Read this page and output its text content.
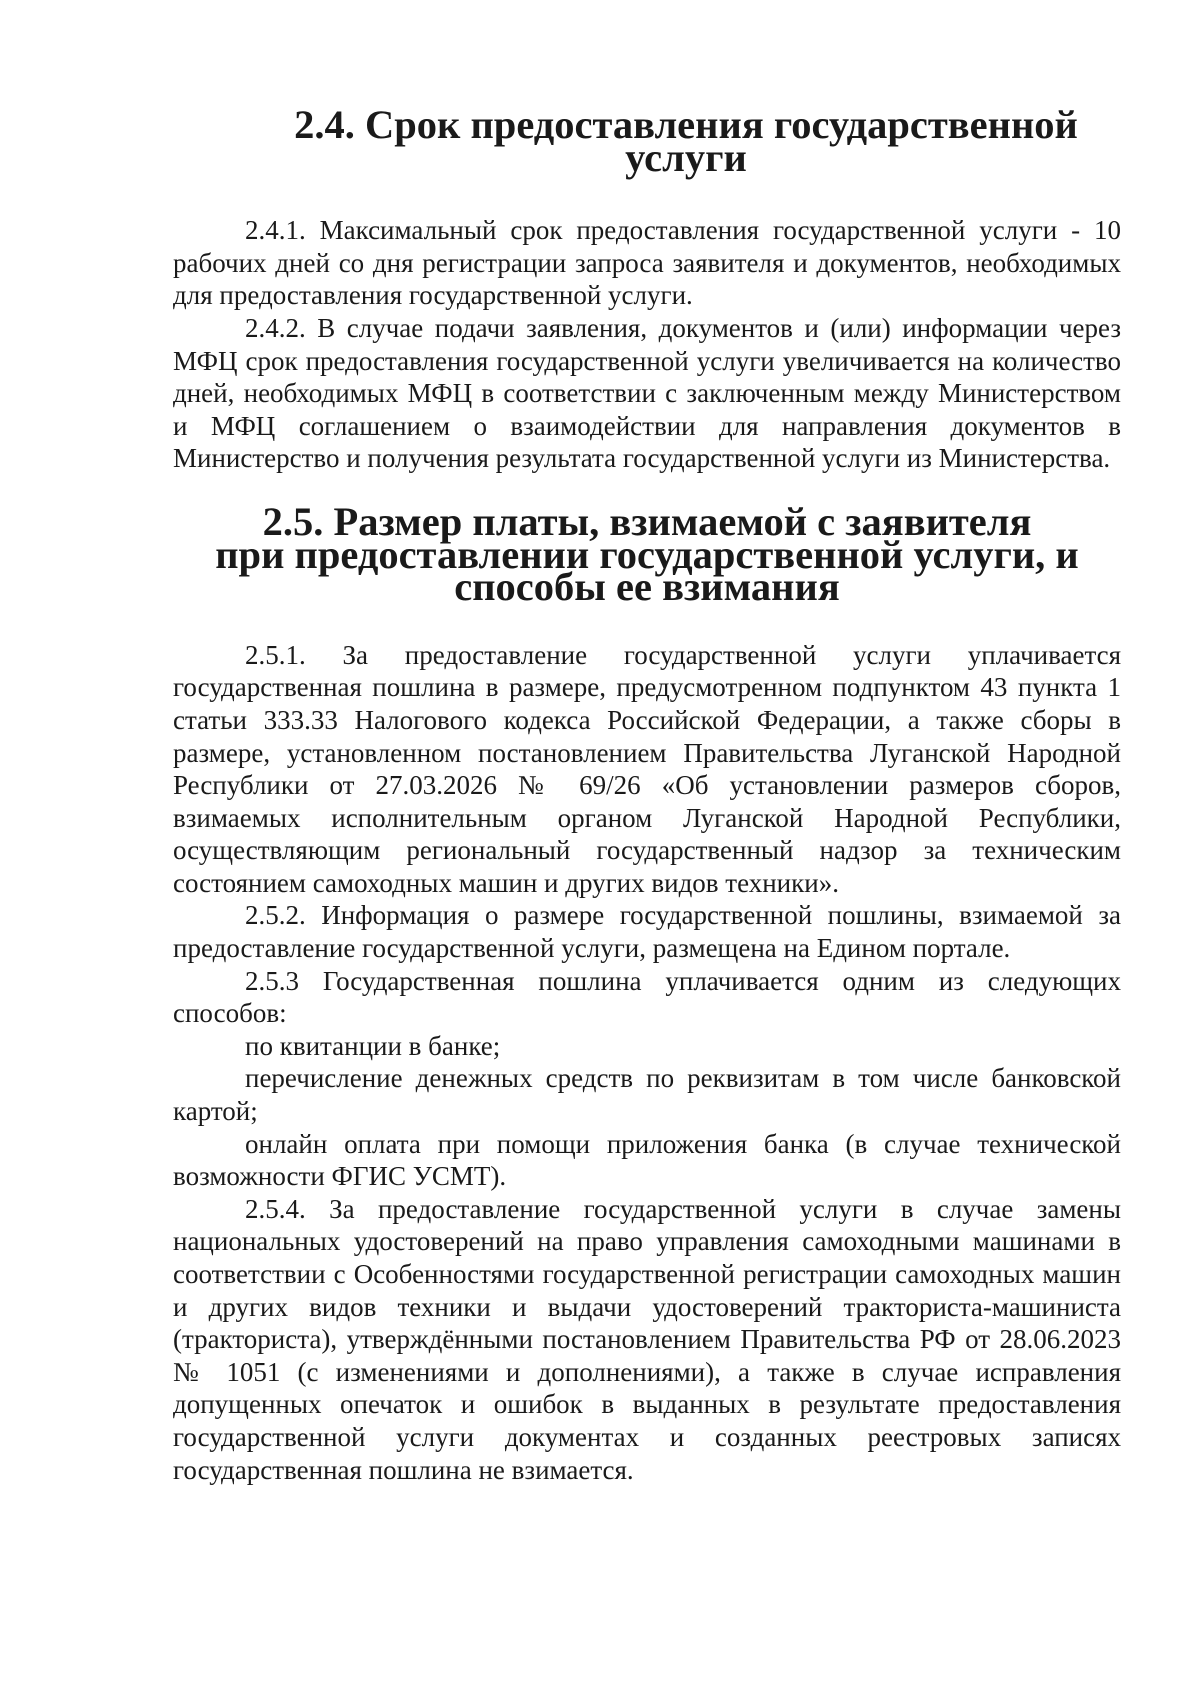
2.4. Срок предоставления государственной услуги

2.4.1. Максимальный срок предоставления государственной услуги - 10 рабочих дней со дня регистрации запроса заявителя и документов, необходимых для предоставления государственной услуги.

2.4.2. В случае подачи заявления, документов и (или) информации через МФЦ срок предоставления государственной услуги увеличивается на количество дней, необходимых МФЦ в соответствии с заключенным между Министерством и МФЦ соглашением о взаимодействии для направления документов в Министерство и получения результата государственной услуги из Министерства.

2.5. Размер платы, взимаемой с заявителя
при предоставлении государственной услуги, и способы ее взимания

2.5.1. За предоставление государственной услуги уплачивается государственная пошлина в размере, предусмотренном подпунктом 43 пункта 1 статьи 333.33 Налогового кодекса Российской Федерации, а также сборы в размере, установленном постановлением Правительства Луганской Народной Республики от 27.03.2026 № 69/26 «Об установлении размеров сборов, взимаемых исполнительным органом Луганской Народной Республики, осуществляющим региональный государственный надзор за техническим состоянием самоходных машин и других видов техники».

2.5.2. Информация о размере государственной пошлины, взимаемой за предоставление государственной услуги, размещена на Едином портале.

2.5.3 Государственная пошлина уплачивается одним из следующих способов:

по квитанции в банке;

перечисление денежных средств по реквизитам в том числе банковской картой;

онлайн оплата при помощи приложения банка (в случае технической возможности ФГИС УСМТ).

2.5.4. За предоставление государственной услуги в случае замены национальных удостоверений на право управления самоходными машинами в соответствии с Особенностями государственной регистрации самоходных машин и других видов техники и выдачи удостоверений тракториста-машиниста (тракториста), утверждёнными постановлением Правительства РФ от 28.06.2023 № 1051 (с изменениями и дополнениями), а также в случае исправления допущенных опечаток и ошибок в выданных в результате предоставления государственной услуги документах и созданных реестровых записях государственная пошлина не взимается.
